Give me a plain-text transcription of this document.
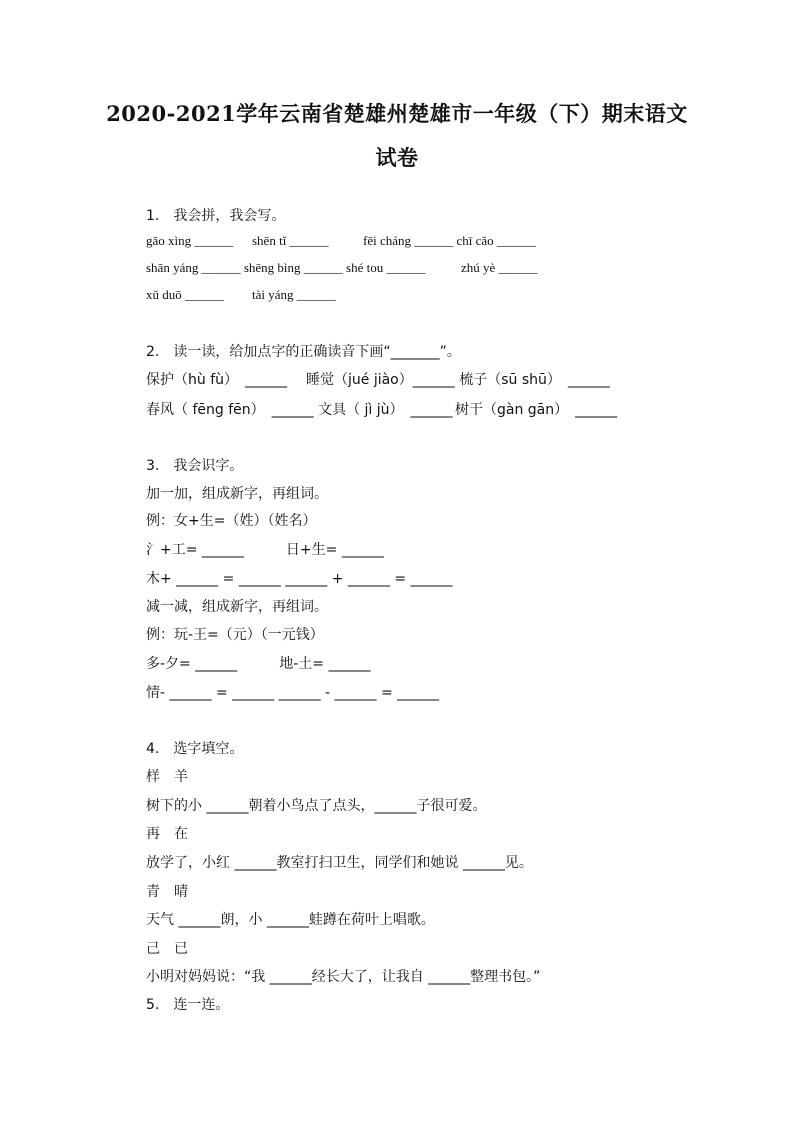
2020-2021学年云南省楚雄州楚雄市一年级（下）期末语文
试卷
1.　我会拼，我会写。
gāo xìng ______ shēn tǐ ______	fēi cháng ______ chī cǎo ______
shān yáng ______ shēng bìng ______ shé tou ______	zhú yè ______
xǔ duō ______ tài yáng ______
2.　读一读，给加点字的正确读音下画“_______”。
保护（hù fù）　______ 睡觉（jué jiào）______ 梳子（sū shū）　______
春风（ fēng fēn）　______ 文具（ jì jù）　______ 树干（gàn gān）　______
3.　我会识字。
加一加，组成新字，再组词。
例：女+生=（姓）（姓名）
氵+工= ______　　　日+生= ______
木+ ______ = ______ ______ + ______ = ______
减一减，组成新字，再组词。
例：玩-王=（元）（一元钱）
多-夕= ______　　　地-土= ______
情- ______ = ______ ______ - ______ = ______
4.　选字填空。
样　羊
树下的小 ______朝着小鸟点了点头，______子很可爱。
再　在
放学了，小红 ______教室打扫卫生，同学们和她说 ______见。
青　晴
天气 ______朗，小 ______蛙蹲在荷叶上唱歌。
己　已
小明对妈妈说：“我 ______经长大了，让我自 ______整理书包。”
5.　连一连。
